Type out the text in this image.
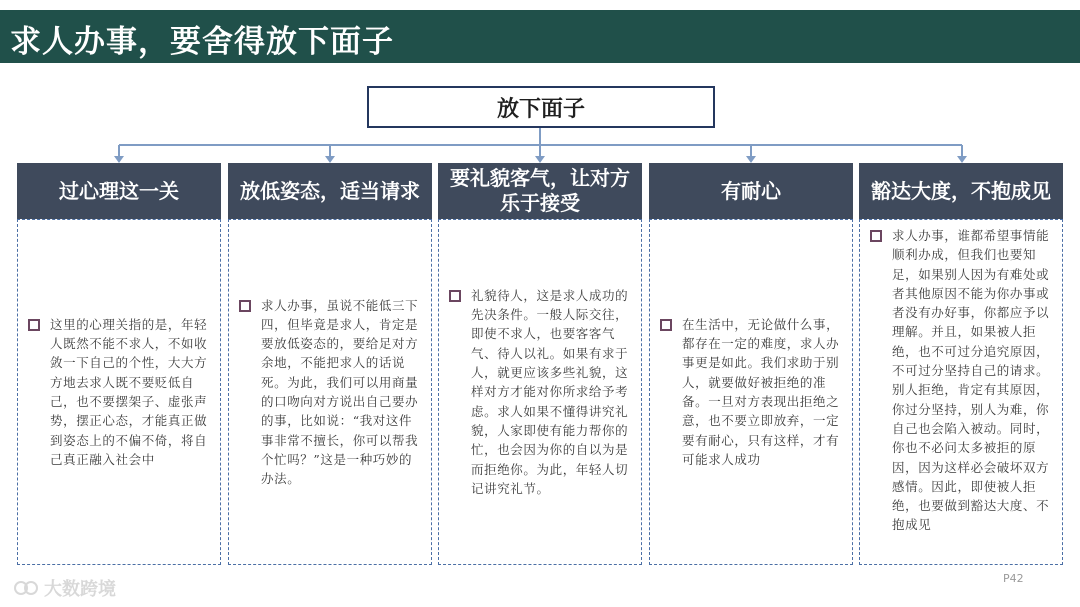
求人办事，要舍得放下面子
放下面子
过心理这一关
这里的心理关指的是，年轻人既然不能不求人，不如收敛一下自己的个性，大大方方地去求人既不要贬低自己，也不要摆架子、虚张声势，摆正心态，才能真正做到姿态上的不偏不倚，将自己真正融入社会中
放低姿态，适当请求
求人办事，虽说不能低三下四，但毕竟是求人，肯定是要放低姿态的，要给足对方余地，不能把求人的话说死。为此，我们可以用商量的口吻向对方说出自己要办的事，比如说：“我对这件事非常不擅长，你可以帮我个忙吗？”这是一种巧妙的办法。
要礼貌客气，让对方乐于接受
礼貌待人，这是求人成功的先决条件。一般人际交往，即使不求人，也要客客气气、待人以礼。如果有求于人，就更应该多些礼貌，这样对方才能对你所求给予考虑。求人如果不懂得讲究礼貌，人家即使有能力帮你的忙，也会因为你的自以为是而拒绝你。为此，年轻人切记讲究礼节。
有耐心
在生活中，无论做什么事，都存在一定的难度，求人办事更是如此。我们求助于别人，就要做好被拒绝的准备。一旦对方表现出拒绝之意，也不要立即放弃，一定要有耐心，只有这样，才有可能求人成功
豁达大度，不抱成见
求人办事，谁都希望事情能顺利办成，但我们也要知足，如果别人因为有难处或者其他原因不能为你办事或者没有办好事，你都应予以理解。并且，如果被人拒绝，也不可过分追究原因，不可过分坚持自己的请求。别人拒绝，肯定有其原因，你过分坚持，别人为难，你自己也会陷入被动。同时，你也不必问太多被拒的原因，因为这样必会破坏双方感情。因此，即使被人拒绝，也要做到豁达大度、不抱成见
大数跨境
P42
